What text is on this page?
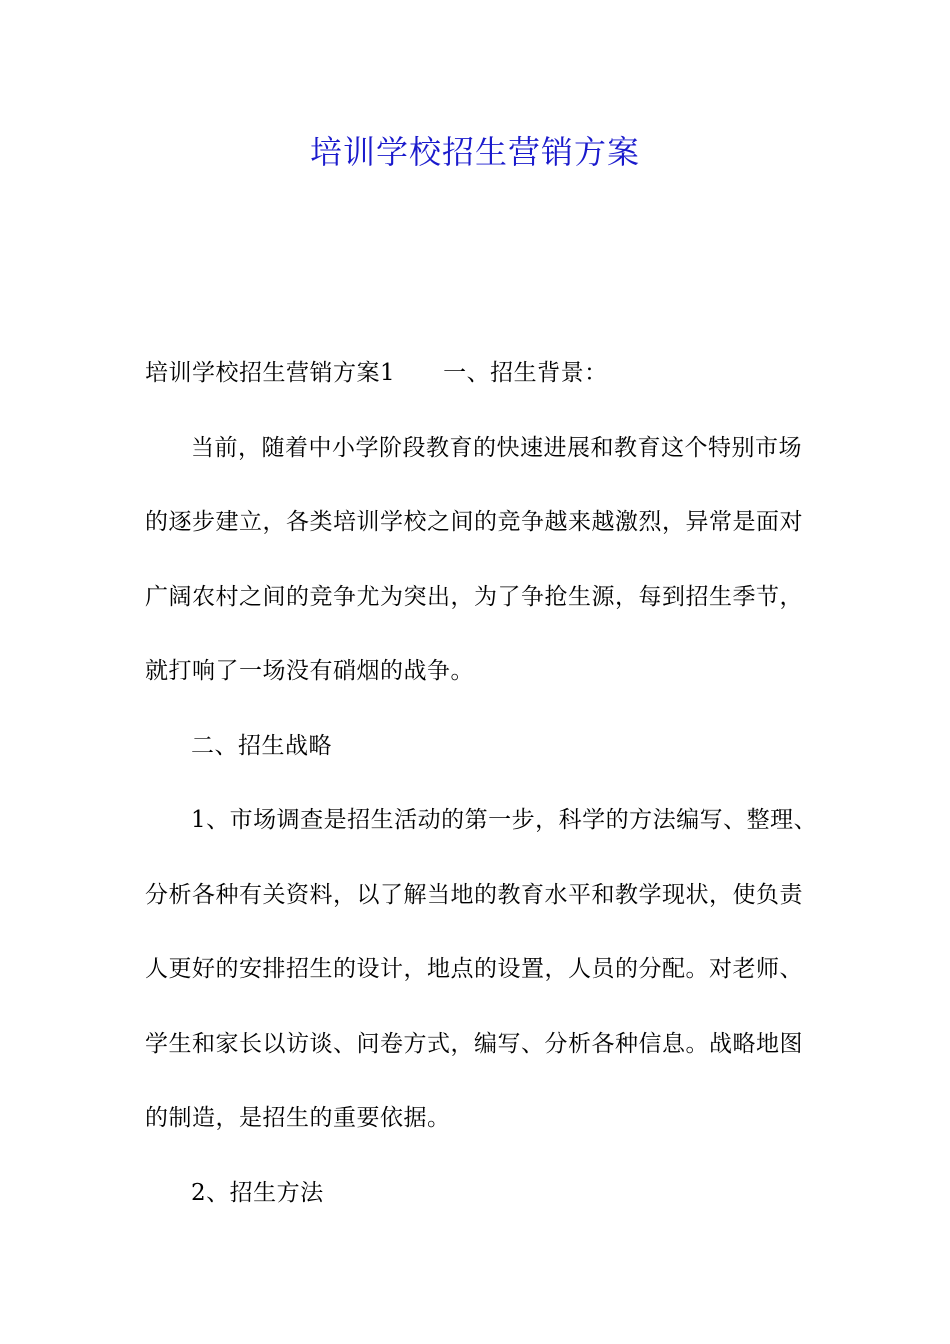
培训学校招生营销方案

培训学校招生营销方案1 一、招生背景：

当前，随着中小学阶段教育的快速进展和教育这个特别市场的逐步建立，各类培训学校之间的竞争越来越激烈，异常是面对广阔农村之间的竞争尤为突出，为了争抢生源，每到招生季节，就打响了一场没有硝烟的战争。

二、招生战略

1、市场调查是招生活动的第一步，科学的方法编写、整理、分析各种有关资料，以了解当地的教育水平和教学现状，使负责人更好的安排招生的设计，地点的设置，人员的分配。对老师、学生和家长以访谈、问卷方式，编写、分析各种信息。战略地图的制造，是招生的重要依据。

2、招生方法
